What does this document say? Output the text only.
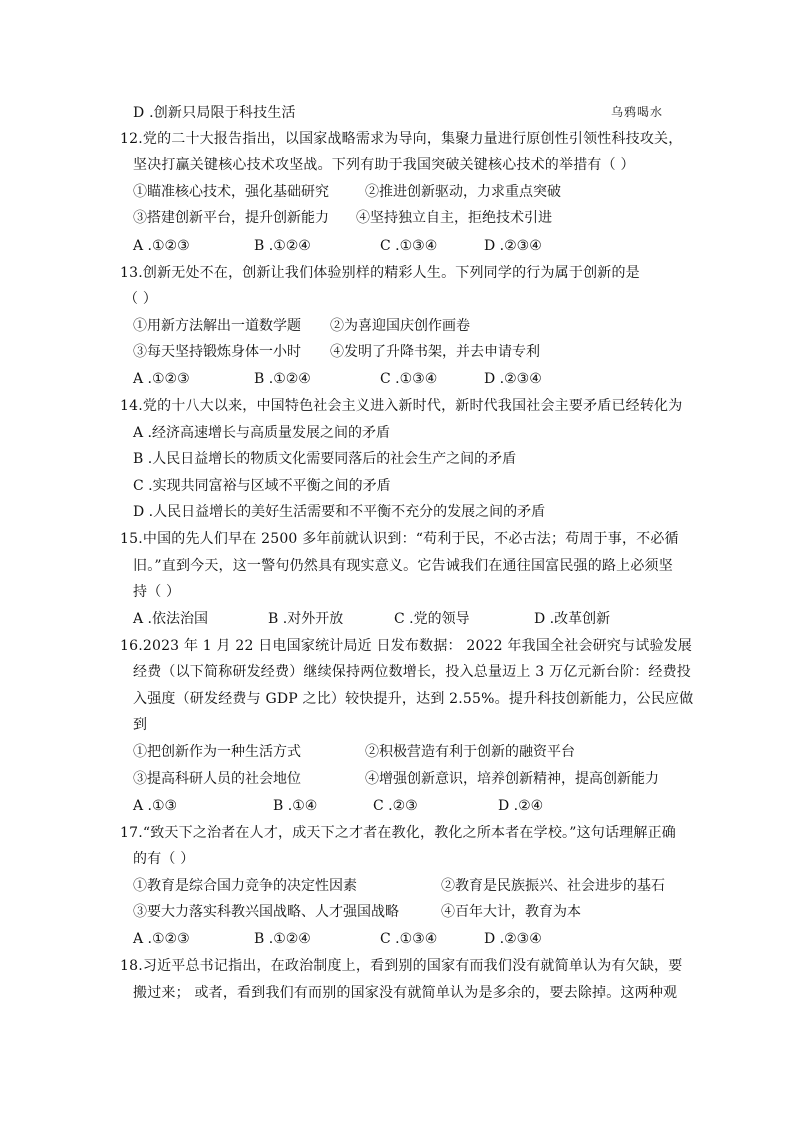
乌鸦喝水
D .创新只局限于科技生活
12.党的二十大报告指出，以国家战略需求为导向，集聚力量进行原创性引领性科技攻关，
坚决打赢关键核心技术攻坚战。下列有助于我国突破关键核心技术的举措有（ ）
①瞄准核心技术，强化基础研究	②推进创新驱动，力求重点突破
③搭建创新平台，提升创新能力 ④坚持独立自主，拒绝技术引进
A .①②③	B .①②④	C .①③④	D .②③④
13.创新无处不在，创新让我们体验别样的精彩人生。下列同学的行为属于创新的是
（ ）
①用新方法解出一道数学题 ②为喜迎国庆创作画卷
③每天坚持锻炼身体一小时 ④发明了升降书架，并去申请专利
A .①②③	B .①②④	C .①③④	D .②③④
14.党的十八大以来，中国特色社会主义进入新时代，新时代我国社会主要矛盾已经转化为
A .经济高速增长与高质量发展之间的矛盾
B .人民日益增长的物质文化需要同落后的社会生产之间的矛盾
C .实现共同富裕与区域不平衡之间的矛盾
D .人民日益增长的美好生活需要和不平衡不充分的发展之间的矛盾
15.中国的先人们早在 2500 多年前就认识到：“苟利于民，不必古法；苟周于事，不必循
旧。”直到今天，这一警句仍然具有现实意义。它告诫我们在通往国富民强的路上必须坚
持（ ）
A .依法治国	B .对外开放	C .党的领导	D .改革创新
16.2023 年 1 月 22 日电国家统计局近 日发布数据： 2022 年我国全社会研究与试验发展
经费（以下简称研发经费）继续保持两位数增长，投入总量迈上 3 万亿元新台阶：经费投
入强度（研发经费与 GDP 之比）较快提升，达到 2.55%。提升科技创新能力，公民应做
到
①把创新作为一种生活方式	②积极营造有利于创新的融资平台
③提高科研人员的社会地位	④增强创新意识，培养创新精神，提高创新能力
A .①③	B .①④	C .②③	D .②④
17.“致天下之治者在人才，成天下之才者在教化，教化之所本者在学校。”这句话理解正确
的有（ ）
①教育是综合国力竞争的决定性因素	②教育是民族振兴、社会进步的基石
③要大力落实科教兴国战略、人才强国战略	④百年大计，教育为本
A .①②③	B .①②④	C .①③④	D .②③④
18.习近平总书记指出，在政治制度上，看到别的国家有而我们没有就简单认为有欠缺，要
搬过来； 或者，看到我们有而别的国家没有就简单认为是多余的，要去除掉。这两种观
